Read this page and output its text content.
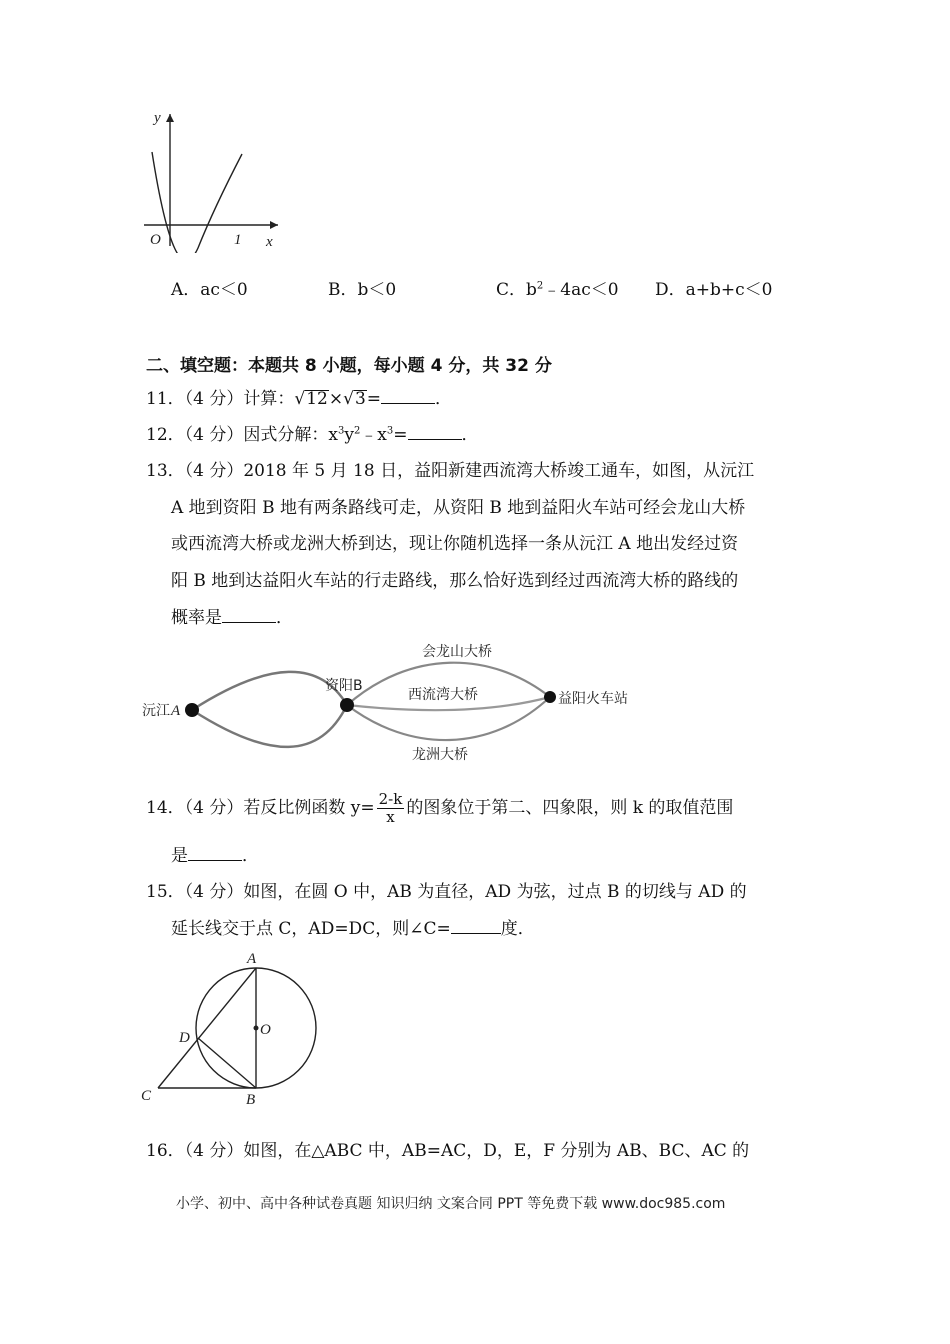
y
x
O	1
A．ac＜0	B．b＜0	C．$b^2﹣4ac<0$ D．a+b+c＜0
二、填空题：本题共 8 小题，每小题 4 分，共 32 分
11．（4 分）计算：√12×√3=	．
12．（4 分）因式分解：$x^3y^2﹣x^3=$	．
13．（4 分）2018 年 5 月 18 日，益阳新建西流湾大桥竣工通车，如图，从沅江
A 地到资阳 B 地有两条路线可走，从资阳 B 地到益阳火车站可经会龙山大桥
或西流湾大桥或龙洲大桥到达，现让你随机选择一条从沅江 A 地出发经过资
阳 B 地到达益阳火车站的行走路线，那么恰好选到经过西流湾大桥的路线的
概率是	．
沅江 A
资阳B
益阳火车站
会龙山大桥
西流湾大桥
龙洲大桥
14．（4 分）若反比例函数 $y= \frac{2-k}{x}$ 的图象位于第二、四象限，则 k 的取值范围
是	．
15．（4 分）如图，在圆 O 中，AB 为直径，AD 为弦，过点 B 的切线与 AD 的
延长线交于点 C，AD=DC，则∠C=	度．
A
B
C
D	O
16．（4 分）如图，在△ABC 中，AB=AC，D，E，F 分别为 AB、BC、AC 的
小学、初中、高中各种试卷真题 知识归纳 文案合同 PPT 等免费下载 www.doc985.com
